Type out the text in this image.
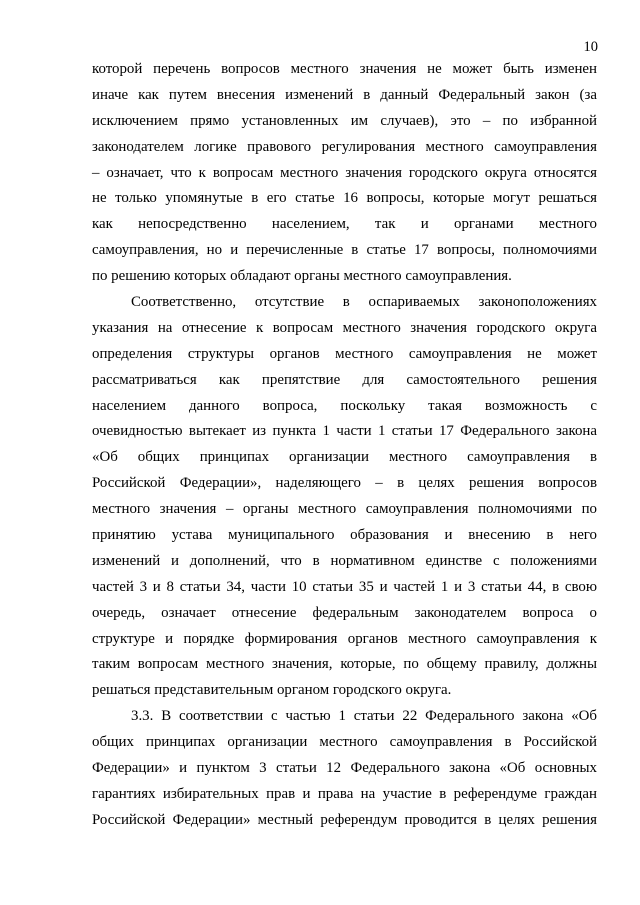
10
которой перечень вопросов местного значения не может быть изменен
иначе как путем внесения изменений в данный Федеральный закон (за
исключением прямо установленных им случаев), это – по избранной
законодателем логике правового регулирования местного самоуправления
– означает, что к вопросам местного значения городского округа относятся
не только упомянутые в его статье 16 вопросы, которые могут решаться
как непосредственно населением, так и органами местного
самоуправления, но и перечисленные в статье 17 вопросы, полномочиями
по решению которых обладают органы местного самоуправления.
Соответственно, отсутствие в оспариваемых законоположениях
указания на отнесение к вопросам местного значения городского округа
определения структуры органов местного самоуправления не может
рассматриваться как препятствие для самостоятельного решения
населением данного вопроса, поскольку такая возможность с
очевидностью вытекает из пункта 1 части 1 статьи 17 Федерального закона
«Об общих принципах организации местного самоуправления в
Российской Федерации», наделяющего – в целях решения вопросов
местного значения – органы местного самоуправления полномочиями по
принятию устава муниципального образования и внесению в него
изменений и дополнений, что в нормативном единстве с положениями
частей 3 и 8 статьи 34, части 10 статьи 35 и частей 1 и 3 статьи 44, в свою
очередь, означает отнесение федеральным законодателем вопроса о
структуре и порядке формирования органов местного самоуправления к
таким вопросам местного значения, которые, по общему правилу, должны
решаться представительным органом городского округа.
3.3. В соответствии с частью 1 статьи 22 Федерального закона «Об
общих принципах организации местного самоуправления в Российской
Федерации» и пунктом 3 статьи 12 Федерального закона «Об основных
гарантиях избирательных прав и права на участие в референдуме граждан
Российской Федерации» местный референдум проводится в целях решения
